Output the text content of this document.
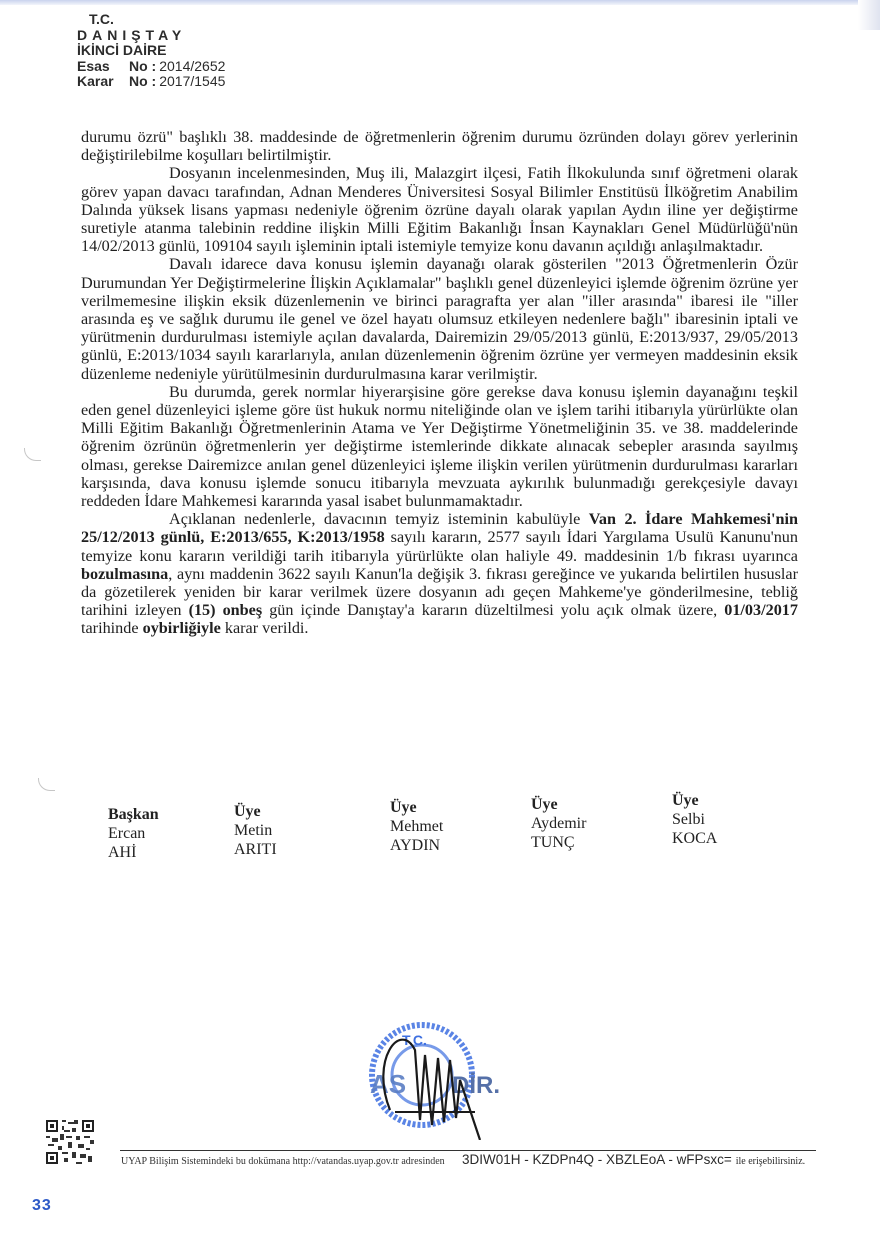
T.C.
DANIŞTAY
İKİNCİ DAİRE
Esas	No : 2014/2652
Karar No : 2017/1545

durumu özrü" başlıklı 38. maddesinde de öğretmenlerin öğrenim durumu özründen dolayı görev yerlerinin değiştirilebilme koşulları belirtilmiştir.

Dosyanın incelenmesinden, Muş ili, Malazgirt ilçesi, Fatih İlkokulunda sınıf öğretmeni olarak görev yapan davacı tarafından, Adnan Menderes Üniversitesi Sosyal Bilimler Enstitüsü İlköğretim Anabilim Dalında yüksek lisans yapması nedeniyle öğrenim özrüne dayalı olarak yapılan Aydın iline yer değiştirme suretiyle atanma talebinin reddine ilişkin Milli Eğitim Bakanlığı İnsan Kaynakları Genel Müdürlüğü'nün 14/02/2013 günlü, 109104 sayılı işleminin iptali istemiyle temyize konu davanın açıldığı anlaşılmaktadır.

Davalı idarece dava konusu işlemin dayanağı olarak gösterilen "2013 Öğretmenlerin Özür Durumundan Yer Değiştirmelerine İlişkin Açıklamalar" başlıklı genel düzenleyici işlemde öğrenim özrüne yer verilmemesine ilişkin eksik düzenlemenin ve birinci paragrafta yer alan "iller arasında" ibaresi ile "iller arasında eş ve sağlık durumu ile genel ve özel hayatı olumsuz etkileyen nedenlere bağlı" ibaresinin iptali ve yürütmenin durdurulması istemiyle açılan davalarda, Dairemizin 29/05/2013 günlü, E:2013/937, 29/05/2013 günlü, E:2013/1034 sayılı kararlarıyla, anılan düzenlemenin öğrenim özrüne yer vermeyen maddesinin eksik düzenleme nedeniyle yürütülmesinin durdurulmasına karar verilmiştir.

Bu durumda, gerek normlar hiyerarşisine göre gerekse dava konusu işlemin dayanağını teşkil eden genel düzenleyici işleme göre üst hukuk normu niteliğinde olan ve işlem tarihi itibarıyla yürürlükte olan Milli Eğitim Bakanlığı Öğretmenlerinin Atama ve Yer Değiştirme Yönetmeliğinin 35. ve 38. maddelerinde öğrenim özrünün öğretmenlerin yer değiştirme istemlerinde dikkate alınacak sebepler arasında sayılmış olması, gerekse Dairemizce anılan genel düzenleyici işleme ilişkin verilen yürütmenin durdurulması kararları karşısında, dava konusu işlemde sonucu itibarıyla mevzuata aykırılık bulunmadığı gerekçesiyle davayı reddeden İdare Mahkemesi kararında yasal isabet bulunmamaktadır.

Açıklanan nedenlerle, davacının temyiz isteminin kabulüyle Van 2. İdare Mahkemesi'nin 25/12/2013 günlü, E:2013/655, K:2013/1958 sayılı kararın, 2577 sayılı İdari Yargılama Usulü Kanunu'nun temyize konu kararın verildiği tarih itibarıyla yürürlükte olan haliyle 49. maddesinin 1/b fıkrası uyarınca bozulmasına, aynı maddenin 3622 sayılı Kanun'la değişik 3. fıkrası gereğince ve yukarıda belirtilen hususlar da gözetilerek yeniden bir karar verilmek üzere dosyanın adı geçen Mahkeme'ye gönderilmesine, tebliğ tarihini izleyen (15) onbeş gün içinde Danıştay'a kararın düzeltilmesi yolu açık olmak üzere, 01/03/2017 tarihinde oybirliğiyle karar verildi.

Başkan
Ercan
AHİ
Üye
Metin
ARITI
Üye
Mehmet
AYDIN
Üye
Aydemir
TUNÇ
Üye
Selbi
KOCA
T.C.
AS DİR.
UYAP Bilişim Sistemindeki bu dokümana http://vatandas.uyap.gov.tr adresinden 3DIW01H - KZDPn4Q - XBZLEoA - wFPsxc= ile erişebilirsiniz.
33
